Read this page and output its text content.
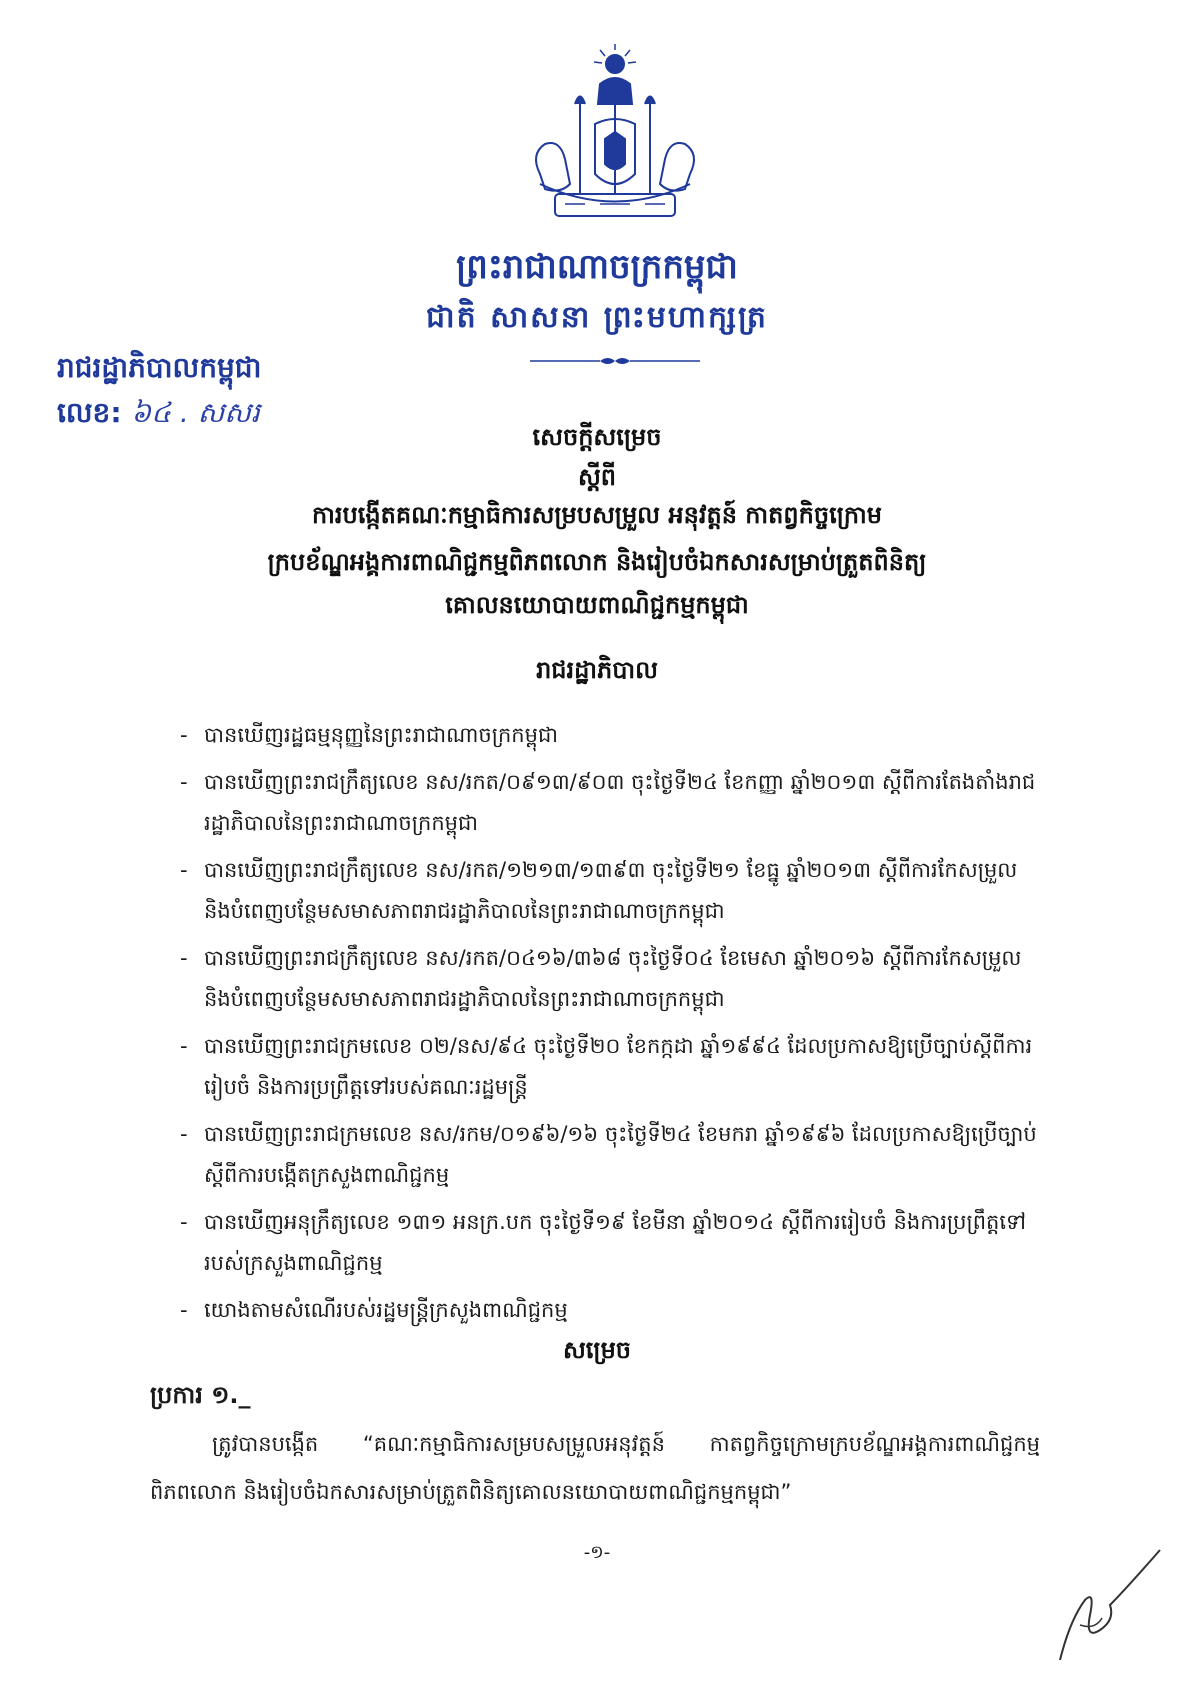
ព្រះរាជាណាចក្រកម្ពុជា
ជាតិ សាសនា ព្រះមហាក្សត្រ
រាជរដ្ឋាភិបាលកម្ពុជា
លេខ: ៦៤ . សសរ
សេចក្តីសម្រេច
ស្តីពី
ការបង្កើតគណៈកម្មាធិការសម្របសម្រួល អនុវត្តន៍ កាតព្វកិច្ចក្រោម
ក្របខ័ណ្ឌអង្គការពាណិជ្ជកម្មពិភពលោក និងរៀបចំឯកសារសម្រាប់ត្រួតពិនិត្យ
គោលនយោបាយពាណិជ្ជកម្មកម្ពុជា
រាជរដ្ឋាភិបាល
- បានឃើញរដ្ឋធម្មនុញ្ញនៃព្រះរាជាណាចក្រកម្ពុជា
- បានឃើញព្រះរាជក្រឹត្យលេខ នស/រកត/០៩១៣/៩០៣ ចុះថ្ងៃទី២៤ ខែកញ្ញា ឆ្នាំ២០១៣ ស្តីពីការតែងតាំងរាជរដ្ឋាភិបាលនៃព្រះរាជាណាចក្រកម្ពុជា
- បានឃើញព្រះរាជក្រឹត្យលេខ នស/រកត/១២១៣/១៣៩៣ ចុះថ្ងៃទី២១ ខែធ្នូ ឆ្នាំ២០១៣ ស្តីពីការកែសម្រួល និងបំពេញបន្ថែមសមាសភាពរាជរដ្ឋាភិបាលនៃព្រះរាជាណាចក្រកម្ពុជា
- បានឃើញព្រះរាជក្រឹត្យលេខ នស/រកត/០៤១៦/៣៦៨ ចុះថ្ងៃទី០៤ ខែមេសា ឆ្នាំ២០១៦ ស្តីពីការកែសម្រួល និងបំពេញបន្ថែមសមាសភាពរាជរដ្ឋាភិបាលនៃព្រះរាជាណាចក្រកម្ពុជា
- បានឃើញព្រះរាជក្រមលេខ ០២/នស/៩៤ ចុះថ្ងៃទី២០ ខែកក្កដា ឆ្នាំ១៩៩៤ ដែលប្រកាសឱ្យប្រើច្បាប់ស្តីពីការរៀបចំ និងការប្រព្រឹត្តទៅរបស់គណៈរដ្ឋមន្ត្រី
- បានឃើញព្រះរាជក្រមលេខ នស/រកម/០១៩៦/១៦ ចុះថ្ងៃទី២៤ ខែមករា ឆ្នាំ១៩៩៦ ដែលប្រកាសឱ្យប្រើច្បាប់ស្តីពីការបង្កើតក្រសួងពាណិជ្ជកម្ម
- បានឃើញអនុក្រឹត្យលេខ ១៣១ អនក្រ.បក ចុះថ្ងៃទី១៩ ខែមីនា ឆ្នាំ២០១៤ ស្តីពីការរៀបចំ និងការប្រព្រឹត្តទៅរបស់ក្រសួងពាណិជ្ជកម្ម
- យោងតាមសំណើរបស់រដ្ឋមន្ត្រីក្រសួងពាណិជ្ជកម្ម
សម្រេច
ប្រការ ១._
ត្រូវបានបង្កើត “គណៈកម្មាធិការសម្របសម្រួលអនុវត្តន៍ កាតព្វកិច្ចក្រោមក្របខ័ណ្ឌអង្គការពាណិជ្ជកម្មពិភពលោក និងរៀបចំឯកសារសម្រាប់ត្រួតពិនិត្យគោលនយោបាយពាណិជ្ជកម្មកម្ពុជា”
-១-
